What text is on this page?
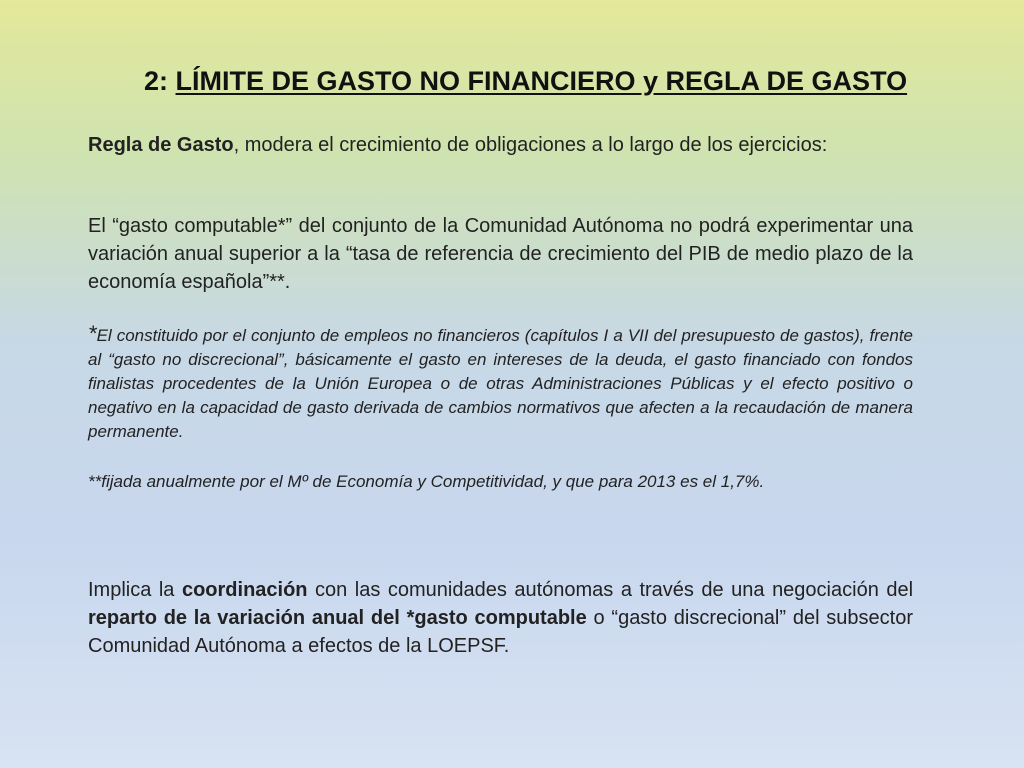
2: LÍMITE DE GASTO NO FINANCIERO y REGLA DE GASTO

Regla de Gasto, modera el crecimiento de obligaciones a lo largo de los ejercicios:

El “gasto computable*” del conjunto de la Comunidad Autónoma no podrá experimentar una variación anual superior a la “tasa de referencia de crecimiento del PIB de medio plazo de la economía española”**.

*El constituido por el conjunto de empleos no financieros (capítulos I a VII del presupuesto de gastos), frente al “gasto no discrecional”, básicamente el gasto en intereses de la deuda, el gasto financiado con fondos finalistas procedentes de la Unión Europea o de otras Administraciones Públicas y el efecto positivo o negativo en la capacidad de gasto derivada de cambios normativos que afecten a la recaudación de manera permanente.

**fijada anualmente por el Mº de Economía y Competitividad, y que para 2013 es el 1,7%.

Implica la coordinación con las comunidades autónomas a través de una negociación del reparto de la variación anual del *gasto computable o “gasto discrecional” del subsector Comunidad Autónoma a efectos de la LOEPSF.
